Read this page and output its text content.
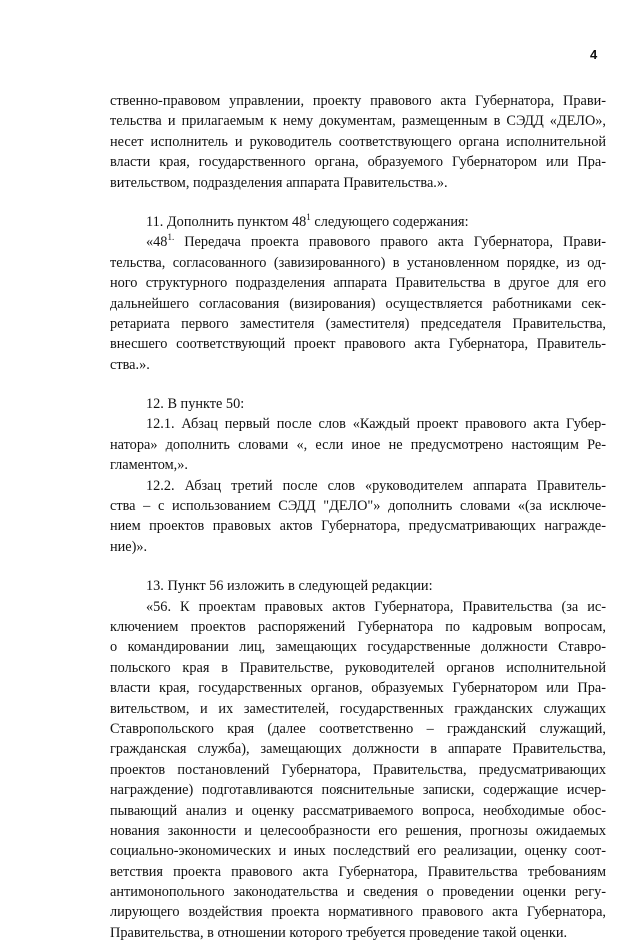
4
ственно-правовом управлении, проекту правового акта Губернатора, Прави-
тельства и прилагаемым к нему документам, размещенным в СЭДД «ДЕЛО»,
несет исполнитель и руководитель соответствующего органа исполнительной
власти края, государственного органа, образуемого Губернатором или Пра-
вительством, подразделения аппарата Правительства.».
11. Дополнить пунктом $48^1$ следующего содержания:
«$48^{1.}$ Передача проекта правового правого акта Губернатора, Прави-
тельства, согласованного (завизированного) в установленном порядке, из од-
ного структурного подразделения аппарата Правительства в другое для его
дальнейшего согласования (визирования) осуществляется работниками сек-
ретариата первого заместителя (заместителя) председателя Правительства,
внесшего соответствующий проект правового акта Губернатора, Правитель-
ства.».
12. В пункте 50:
12.1. Абзац первый после слов «Каждый проект правового акта Губер-
натора» дополнить словами «, если иное не предусмотрено настоящим Ре-
гламентом,».
12.2. Абзац третий после слов «руководителем аппарата Правитель-
ства – с использованием СЭДД "ДЕЛО"» дополнить словами «(за исключе-
нием проектов правовых актов Губернатора, предусматривающих награжде-
ние)».
13. Пункт 56 изложить в следующей редакции:
«56. К проектам правовых актов Губернатора, Правительства (за ис-
ключением проектов распоряжений Губернатора по кадровым вопросам,
о командировании лиц, замещающих государственные должности Ставро-
польского края в Правительстве, руководителей органов исполнительной
власти края, государственных органов, образуемых Губернатором или Пра-
вительством, и их заместителей, государственных гражданских служащих
Ставропольского края (далее соответственно – гражданский служащий,
гражданская служба), замещающих должности в аппарате Правительства,
проектов постановлений Губернатора, Правительства, предусматривающих
награждение) подготавливаются пояснительные записки, содержащие исчер-
пывающий анализ и оценку рассматриваемого вопроса, необходимые обос-
нования законности и целесообразности его решения, прогнозы ожидаемых
социально-экономических и иных последствий его реализации, оценку соот-
ветствия проекта правового акта Губернатора, Правительства требованиям
антимонопольного законодательства и сведения о проведении оценки регу-
лирующего воздействия проекта нормативного правового акта Губернатора,
Правительства, в отношении которого требуется проведение такой оценки.
